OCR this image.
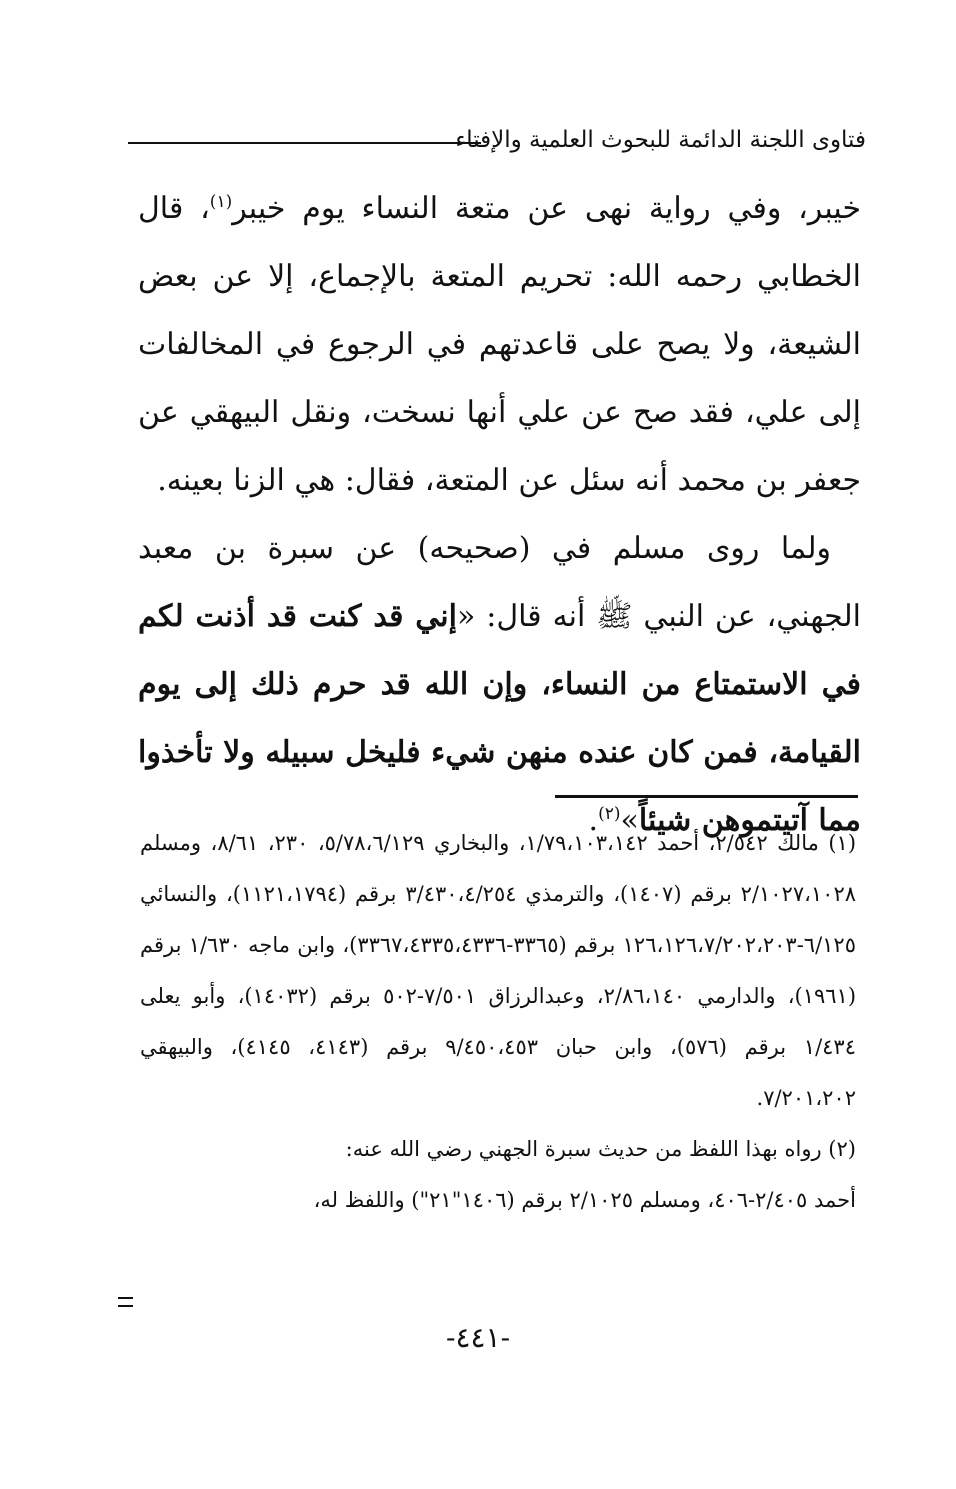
فتاوى اللجنة الدائمة للبحوث العلمية والإفتاء

خيبر، وفي رواية نهى عن متعة النساء يوم خيبر$^{(١)}$، قال الخطابي رحمه الله: تحريم المتعة بالإجماع، إلا عن بعض الشيعة، ولا يصح على قاعدتهم في الرجوع في المخالفات إلى علي، فقد صح عن علي أنها نسخت، ونقل البيهقي عن جعفر بن محمد أنه سئل عن المتعة، فقال: هي الزنا بعينه.

 ولما روى مسلم في (صحيحه) عن سبرة بن معبد الجهني، عن النبي ﷺ أنه قال: «إني قد كنت قد أذنت لكم في الاستمتاع من النساء، وإن الله قد حرم ذلك إلى يوم القيامة، فمن كان عنده منهن شيء فليخل سبيله ولا تأخذوا مما آتيتموهن شيئاً»$^{(٢)}$.

(١) مالك ٢/٥٤٢، أحمد ١/٧٩،١٠٣،١٤٢، والبخاري ٥/٧٨،٦/١٢٩، ٢٣٠، ٨/٦١، ومسلم ٢/١٠٢٧،١٠٢٨ برقم (١٤٠٧)، والترمذي ٣/٤٣٠،٤/٢٥٤ برقم (١١٢١،١٧٩٤)، والنسائي ٦/١٢٥-١٢٦،١٢٦،٧/٢٠٢،٢٠٣ برقم (٣٣٦٥-٣٣٦٧،٤٣٣٥،٤٣٣٦)، وابن ماجه ١/٦٣٠ برقم (١٩٦١)، والدارمي ٢/٨٦،١٤٠، وعبدالرزاق ٧/٥٠١-٥٠٢ برقم (١٤٠٣٢)، وأبو يعلى ١/٤٣٤ برقم (٥٧٦)، وابن حبان ٩/٤٥٠،٤٥٣ برقم (٤١٤٣، ٤١٤٥)، والبيهقي ٧/٢٠١،٢٠٢.

(٢) رواه بهذا اللفظ من حديث سبرة الجهني رضي الله عنه:

أحمد ٢/٤٠٥-٤٠٦، ومسلم ٢/١٠٢٥ برقم (١٤٠٦"٢١") واللفظ له،

-٤٤١-
